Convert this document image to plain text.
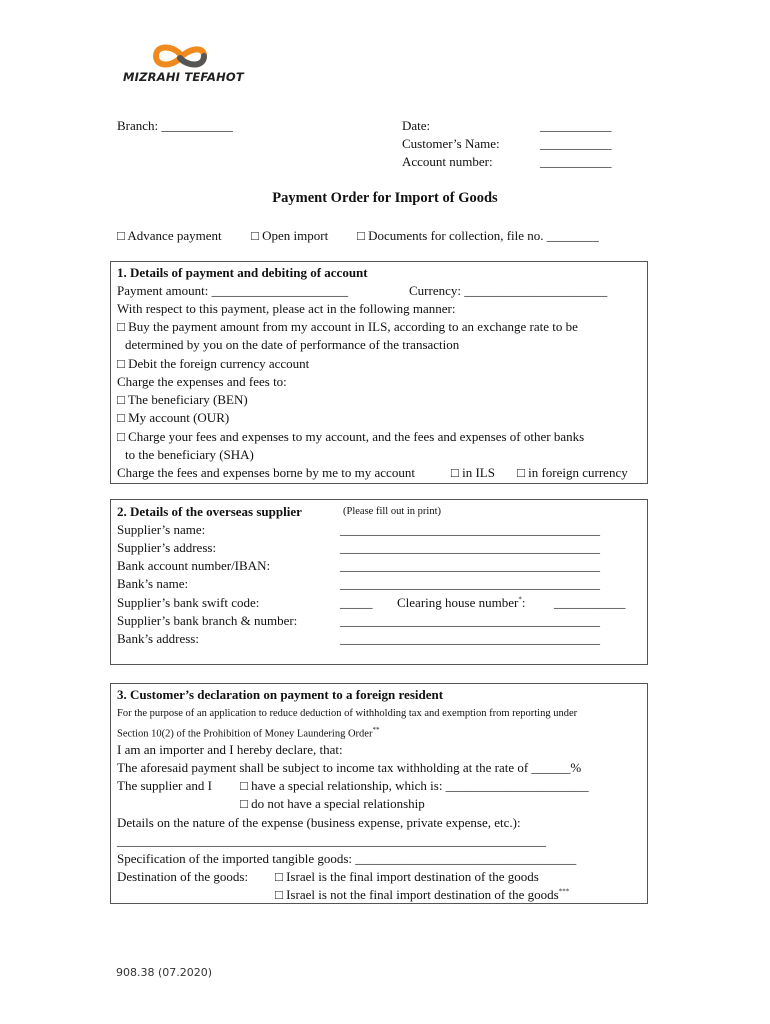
MIZRAHI TEFAHOT
Branch: ___________	Date:	___________
Customer’s Name:	___________
Account number:	___________
Payment Order for Import of Goods
□ Advance payment □ Open import □ Documents for collection, file no. ________
1. Details of payment and debiting of account
Payment amount: _____________________	Currency: ______________________
With respect to this payment, please act in the following manner:
□ Buy the payment amount from my account in ILS, according to an exchange rate to be
determined by you on the date of performance of the transaction
□ Debit the foreign currency account
Charge the expenses and fees to:
□ The beneficiary (BEN)
□ My account (OUR)
□ Charge your fees and expenses to my account, and the fees and expenses of other banks
to the beneficiary (SHA)
Charge the fees and expenses borne by me to my account	□ in ILS □ in foreign currency
2. Details of the overseas supplier	(Please fill out in print)
Supplier’s name:	________________________________________
Supplier’s address:	________________________________________
Bank account number/IBAN:	________________________________________
Bank’s name:	________________________________________
Supplier’s bank swift code:	_____ Clearing house number*: ___________
Supplier’s bank branch & number:	________________________________________
Bank’s address:	________________________________________
3. Customer’s declaration on payment to a foreign resident
For the purpose of an application to reduce deduction of withholding tax and exemption from reporting under
Section 10(2) of the Prohibition of Money Laundering Order**
I am an importer and I hereby declare, that:
The aforesaid payment shall be subject to income tax withholding at the rate of ______%
The supplier and I □ have a special relationship, which is: ______________________
□ do not have a special relationship
Details on the nature of the expense (business expense, private expense, etc.):
__________________________________________________________________
Specification of the imported tangible goods: __________________________________
Destination of the goods: □ Israel is the final import destination of the goods
□ Israel is not the final import destination of the goods***
908.38 (07.2020)
